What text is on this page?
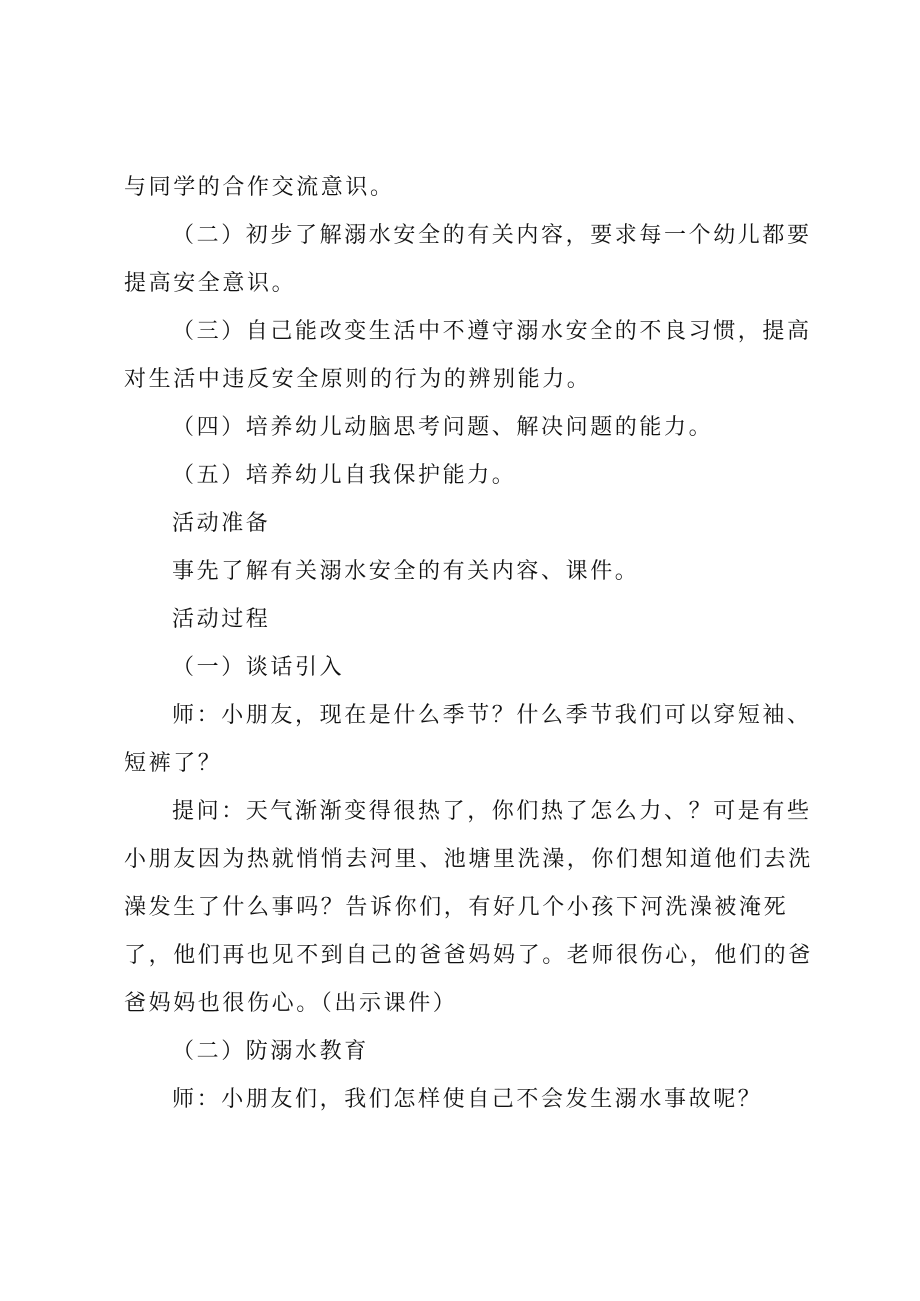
与同学的合作交流意识。

（二）初步了解溺水安全的有关内容，要求每一个幼儿都要提高安全意识。

（三）自己能改变生活中不遵守溺水安全的不良习惯，提高对生活中违反安全原则的行为的辨别能力。

（四）培养幼儿动脑思考问题、解决问题的能力。

（五）培养幼儿自我保护能力。

活动准备

事先了解有关溺水安全的有关内容、课件。

活动过程

（一）谈话引入

师：小朋友，现在是什么季节？什么季节我们可以穿短袖、短裤了？

提问：天气渐渐变得很热了，你们热了怎么力、？可是有些小朋友因为热就悄悄去河里、池塘里洗澡，你们想知道他们去洗澡发生了什么事吗？告诉你们，有好几个小孩下河洗澡被淹死了，他们再也见不到自己的爸爸妈妈了。老师很伤心，他们的爸爸妈妈也很伤心。（出示课件）

（二）防溺水教育

师：小朋友们，我们怎样使自己不会发生溺水事故呢？
